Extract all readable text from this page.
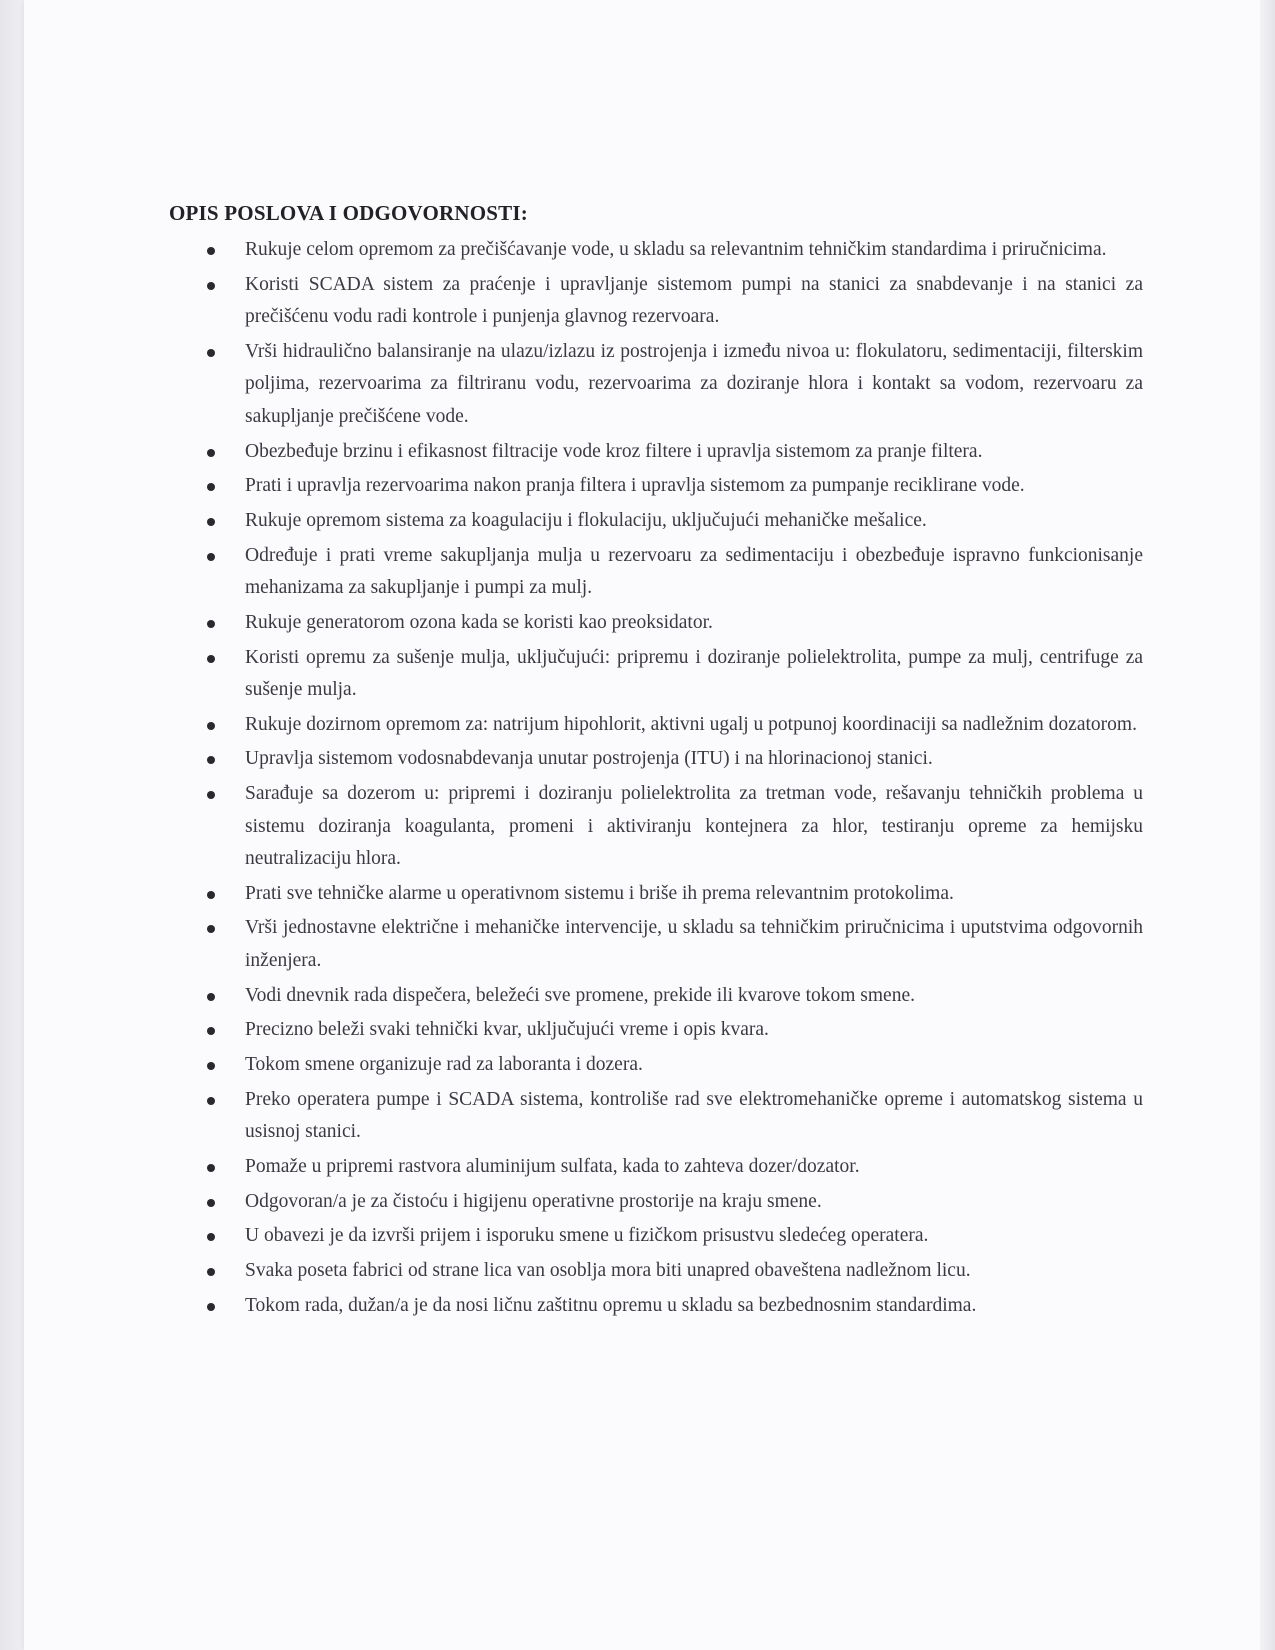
OPIS POSLOVA I ODGOVORNOSTI:
Rukuje celom opremom za prečišćavanje vode, u skladu sa relevantnim tehničkim standardima i priručnicima.
Koristi SCADA sistem za praćenje i upravljanje sistemom pumpi na stanici za snabdevanje i na stanici za prečišćenu vodu radi kontrole i punjenja glavnog rezervoara.
Vrši hidraulično balansiranje na ulazu/izlazu iz postrojenja i između nivoa u: flokulatoru, sedimentaciji, filterskim poljima, rezervoarima za filtriranu vodu, rezervoarima za doziranje hlora i kontakt sa vodom, rezervoaru za sakupljanje prečišćene vode.
Obezbeđuje brzinu i efikasnost filtracije vode kroz filtere i upravlja sistemom za pranje filtera.
Prati i upravlja rezervoarima nakon pranja filtera i upravlja sistemom za pumpanje reciklirane vode.
Rukuje opremom sistema za koagulaciju i flokulaciju, uključujući mehaničke mešalice.
Određuje i prati vreme sakupljanja mulja u rezervoaru za sedimentaciju i obezbeđuje ispravno funkcionisanje mehanizama za sakupljanje i pumpi za mulj.
Rukuje generatorom ozona kada se koristi kao preoksidator.
Koristi opremu za sušenje mulja, uključujući: pripremu i doziranje polielektrolita, pumpe za mulj, centrifuge za sušenje mulja.
Rukuje dozirnom opremom za: natrijum hipohlorit, aktivni ugalj u potpunoj koordinaciji sa nadležnim dozatorom.
Upravlja sistemom vodosnabdevanja unutar postrojenja (ITU) i na hlorinacionoj stanici.
Sarađuje sa dozerom u: pripremi i doziranju polielektrolita za tretman vode, rešavanju tehničkih problema u sistemu doziranja koagulanta, promeni i aktiviranju kontejnera za hlor, testiranju opreme za hemijsku neutralizaciju hlora.
Prati sve tehničke alarme u operativnom sistemu i briše ih prema relevantnim protokolima.
Vrši jednostavne električne i mehaničke intervencije, u skladu sa tehničkim priručnicima i uputstvima odgovornih inženjera.
Vodi dnevnik rada dispečera, beležeći sve promene, prekide ili kvarove tokom smene.
Precizno beleži svaki tehnički kvar, uključujući vreme i opis kvara.
Tokom smene organizuje rad za laboranta i dozera.
Preko operatera pumpe i SCADA sistema, kontroliše rad sve elektromehaničke opreme i automatskog sistema u usisnoj stanici.
Pomaže u pripremi rastvora aluminijum sulfata, kada to zahteva dozer/dozator.
Odgovoran/a je za čistoću i higijenu operativne prostorije na kraju smene.
U obavezi je da izvrši prijem i isporuku smene u fizičkom prisustvu sledećeg operatera.
Svaka poseta fabrici od strane lica van osoblja mora biti unapred obaveštena nadležnom licu.
Tokom rada, dužan/a je da nosi ličnu zaštitnu opremu u skladu sa bezbednosnim standardima.
